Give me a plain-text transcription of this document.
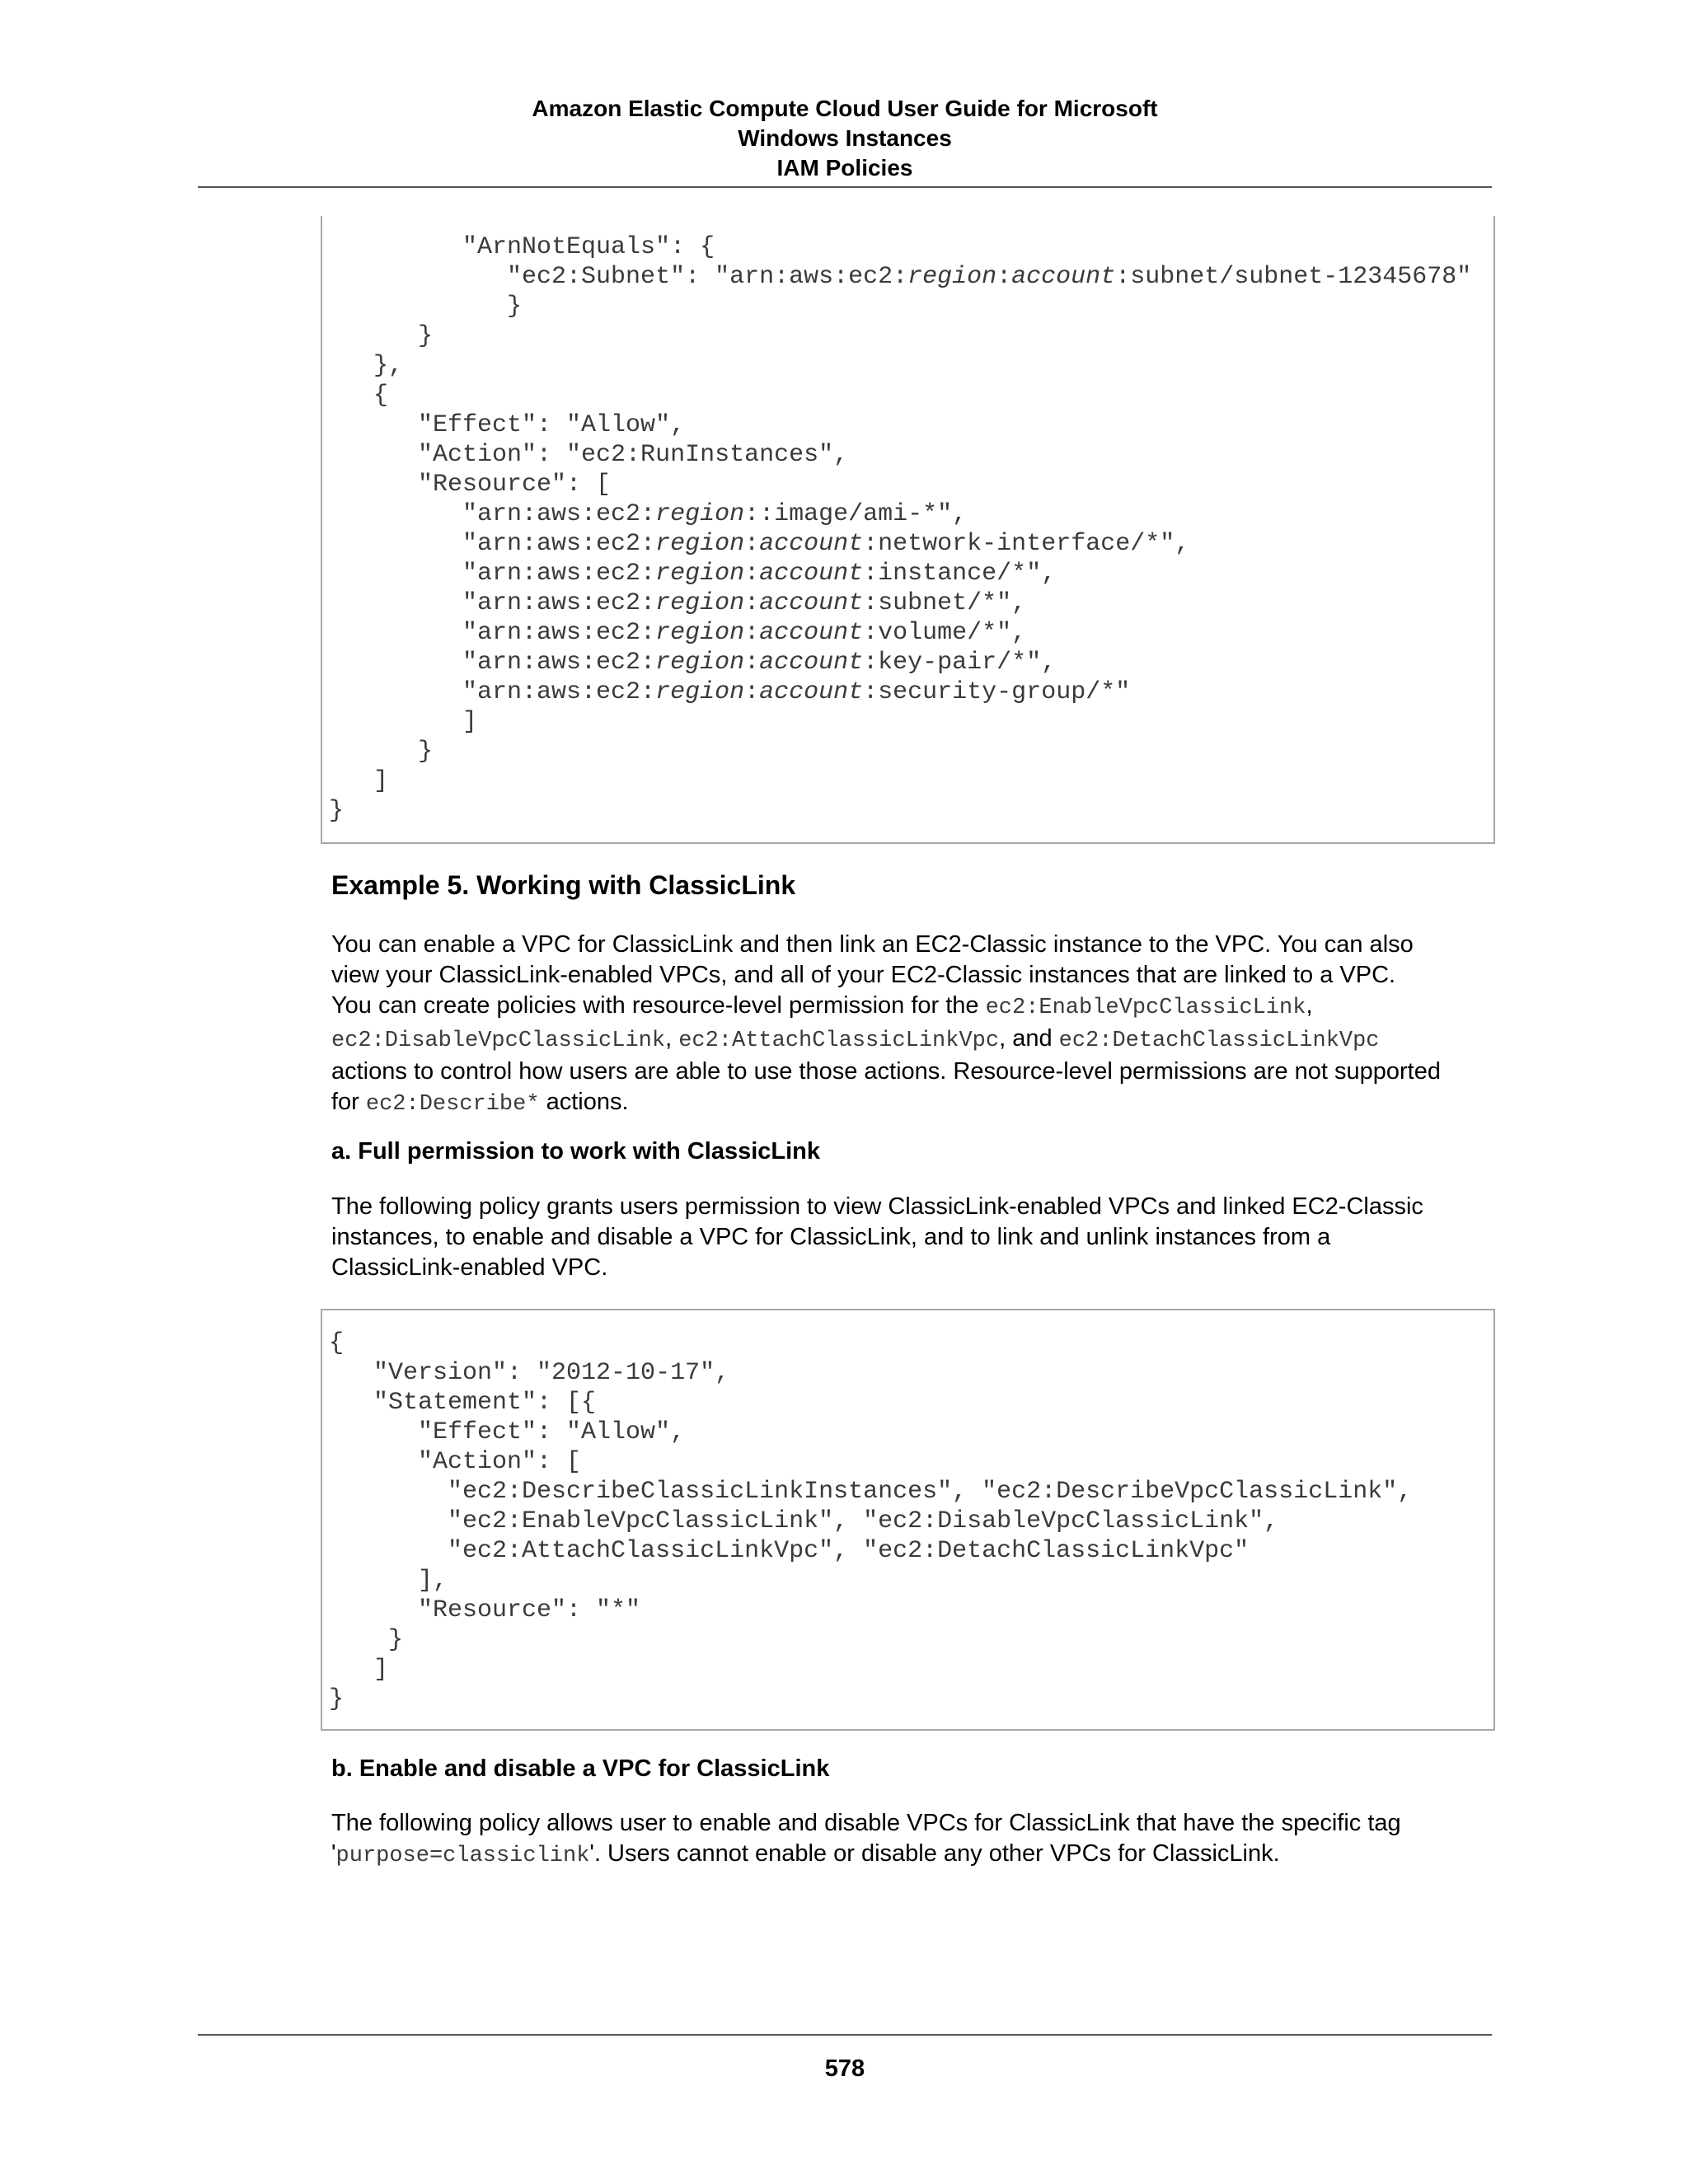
Amazon Elastic Compute Cloud User Guide for Microsoft
Windows Instances
IAM Policies
"ArnNotEquals": {
"ec2:Subnet": "arn:aws:ec2:region:account:subnet/subnet-12345678"
}
}
},
{
"Effect": "Allow",
"Action": "ec2:RunInstances",
"Resource": [
"arn:aws:ec2:region::image/ami-*",
"arn:aws:ec2:region:account:network-interface/*",
"arn:aws:ec2:region:account:instance/*",
"arn:aws:ec2:region:account:subnet/*",
"arn:aws:ec2:region:account:volume/*",
"arn:aws:ec2:region:account:key-pair/*",
"arn:aws:ec2:region:account:security-group/*"
]
}
]
}
Example 5. Working with ClassicLink
You can enable a VPC for ClassicLink and then link an EC2-Classic instance to the VPC. You can also
view your ClassicLink-enabled VPCs, and all of your EC2-Classic instances that are linked to a VPC.
You can create policies with resource-level permission for the ec2:EnableVpcClassicLink,
ec2:DisableVpcClassicLink, ec2:AttachClassicLinkVpc, and ec2:DetachClassicLinkVpc
actions to control how users are able to use those actions. Resource-level permissions are not supported
for ec2:Describe* actions.
a. Full permission to work with ClassicLink
The following policy grants users permission to view ClassicLink-enabled VPCs and linked EC2-Classic
instances, to enable and disable a VPC for ClassicLink, and to link and unlink instances from a
ClassicLink-enabled VPC.
{
"Version": "2012-10-17",
"Statement": [{
"Effect": "Allow",
"Action": [
"ec2:DescribeClassicLinkInstances", "ec2:DescribeVpcClassicLink",
"ec2:EnableVpcClassicLink", "ec2:DisableVpcClassicLink",
"ec2:AttachClassicLinkVpc", "ec2:DetachClassicLinkVpc"
],
"Resource": "*"
}
]
}
b. Enable and disable a VPC for ClassicLink
The following policy allows user to enable and disable VPCs for ClassicLink that have the specific tag
'purpose=classiclink'. Users cannot enable or disable any other VPCs for ClassicLink.
578
